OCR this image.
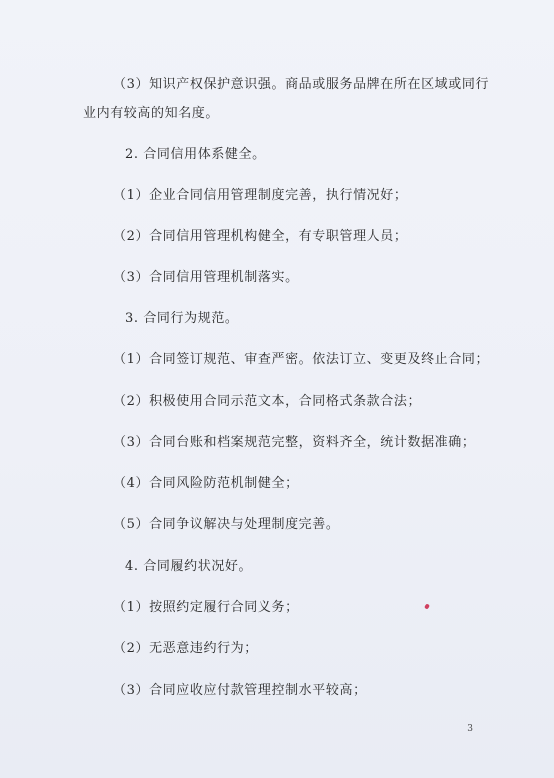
（3）知识产权保护意识强。商品或服务品牌在所在区域或同行
业内有较高的知名度。
2. 合同信用体系健全。
（1）企业合同信用管理制度完善，执行情况好；
（2）合同信用管理机构健全，有专职管理人员；
（3）合同信用管理机制落实。
3. 合同行为规范。
（1）合同签订规范、审查严密。依法订立、变更及终止合同；
（2）积极使用合同示范文本，合同格式条款合法；
（3）合同台账和档案规范完整，资料齐全，统计数据准确；
（4）合同风险防范机制健全；
（5）合同争议解决与处理制度完善。
4. 合同履约状况好。
（1）按照约定履行合同义务；
（2）无恶意违约行为；
（3）合同应收应付款管理控制水平较高；
3
